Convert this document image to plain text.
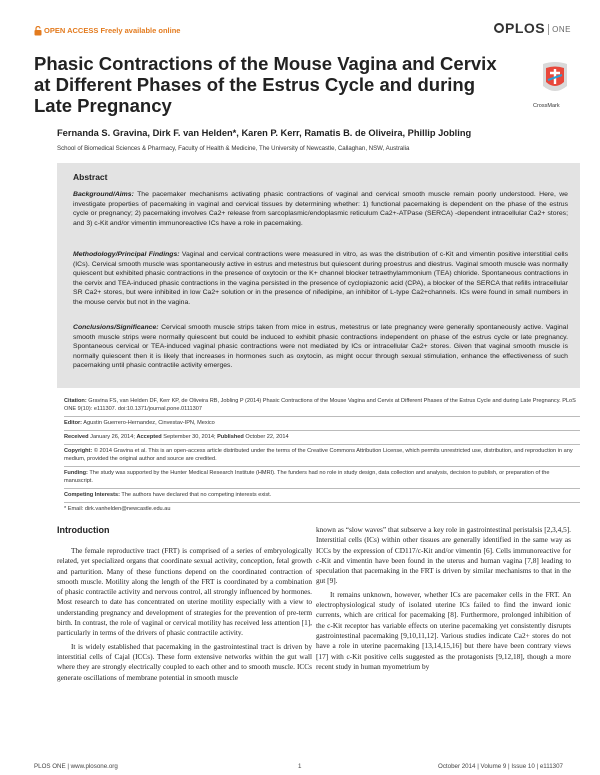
OPEN ACCESS Freely available online	PLOS ONE
Phasic Contractions of the Mouse Vagina and Cervix at Different Phases of the Estrus Cycle and during Late Pregnancy	CrossMark
Fernanda S. Gravina, Dirk F. van Helden*, Karen P. Kerr, Ramatis B. de Oliveira, Phillip Jobling
School of Biomedical Sciences & Pharmacy, Faculty of Health & Medicine, The University of Newcastle, Callaghan, NSW, Australia
Abstract
Background/Aims: The pacemaker mechanisms activating phasic contractions of vaginal and cervical smooth muscle remain poorly understood. Here, we investigate properties of pacemaking in vaginal and cervical tissues by determining whether: 1) functional pacemaking is dependent on the phase of the estrus cycle or pregnancy; 2) pacemaking involves Ca2+ release from sarcoplasmic/endoplasmic reticulum Ca2+-ATPase (SERCA) -dependent intracellular Ca2+ stores; and 3) c-Kit and/or vimentin immunoreactive ICs have a role in pacemaking.
Methodology/Principal Findings: Vaginal and cervical contractions were measured in vitro, as was the distribution of c-Kit and vimentin positive interstitial cells (ICs). Cervical smooth muscle was spontaneously active in estrus and metestrus but quiescent during proestrus and diestrus. Vaginal smooth muscle was normally quiescent but exhibited phasic contractions in the presence of oxytocin or the K+ channel blocker tetraethylammonium (TEA) chloride. Spontaneous contractions in the cervix and TEA-induced phasic contractions in the vagina persisted in the presence of cyclopiazonic acid (CPA), a blocker of the SERCA that refills intracellular SR Ca2+ stores, but were inhibited in low Ca2+ solution or in the presence of nifedipine, an inhibitor of L-type Ca2+channels. ICs were found in small numbers in the mouse cervix but not in the vagina.
Conclusions/Significance: Cervical smooth muscle strips taken from mice in estrus, metestrus or late pregnancy were generally spontaneously active. Vaginal smooth muscle strips were normally quiescent but could be induced to exhibit phasic contractions independent on phase of the estrus cycle or late pregnancy. Spontaneous cervical or TEA-induced vaginal phasic contractions were not mediated by ICs or intracellular Ca2+ stores. Given that vaginal smooth muscle is normally quiescent then it is likely that increases in hormones such as oxytocin, as might occur through sexual stimulation, enhance the effectiveness of such pacemaking until phasic contractile activity emerges.
Citation: Gravina FS, van Helden DF, Kerr KP, de Oliveira RB, Jobling P (2014) Phasic Contractions of the Mouse Vagina and Cervix at Different Phases of the Estrus Cycle and during Late Pregnancy. PLoS ONE 9(10): e111307. doi:10.1371/journal.pone.0111307
Editor: Agustin Guerrero-Hernandez, Cinvestav-IPN, Mexico
Received January 26, 2014; Accepted September 30, 2014; Published October 22, 2014
Copyright: © 2014 Gravina et al. This is an open-access article distributed under the terms of the Creative Commons Attribution License, which permits unrestricted use, distribution, and reproduction in any medium, provided the original author and source are credited.
Funding: The study was supported by the Hunter Medical Research Institute (HMRI). The funders had no role in study design, data collection and analysis, decision to publish, or preparation of the manuscript.
Competing Interests: The authors have declared that no competing interests exist.
* Email: dirk.vanhelden@newcastle.edu.au
Introduction

The female reproductive tract (FRT) is comprised of a series of embryologically related, yet specialized organs that coordinate sexual activity, conception, fetal growth and parturition. Many of these functions depend on the coordinated contraction of smooth muscle. Motility along the length of the FRT is coordinated by a combination of phasic contractile activity and nervous control, all strongly influenced by hormones. Most research to date has concentrated on uterine motility especially with a view to understanding pregnancy and development of strategies for the prevention of pre-term birth. In contrast, the role of vaginal or cervical motility has received less attention [1], particularly in terms of the drivers of phasic contractile activity.

It is widely established that pacemaking in the gastrointestinal tract is driven by interstitial cells of Cajal (ICCs). These form extensive networks within the gut wall where they are strongly electrically coupled to each other and to smooth muscle. ICCs generate oscillations of membrane potential in smooth muscle

known as “slow waves” that subserve a key role in gastrointestinal peristalsis [2,3,4,5]. Interstitial cells (ICs) within other tissues are generally identified in the same way as ICCs by the expression of CD117/c-Kit and/or vimentin [6]. Cells immunoreactive for c-Kit and vimentin have been found in the uterus and human vagina [7,8] leading to speculation that pacemaking in the FRT is driven by similar mechanisms to that in the gut [9].

It remains unknown, however, whether ICs are pacemaker cells in the FRT. An electrophysiological study of isolated uterine ICs failed to find the inward ionic currents, which are critical for pacemaking [8]. Furthermore, prolonged inhibition of the c-Kit receptor has variable effects on uterine pacemaking yet consistently disrupts gastrointestinal pacemaking [9,10,11,12]. Various studies indicate Ca2+ stores do not have a role in uterine pacemaking [13,14,15,16] but there have been contrary views [17] with c-Kit positive cells suggested as the protagonists [9,12,18], though a more recent study in human myometrium by

PLOS ONE | www.plosone.org	1	October 2014 | Volume 9 | Issue 10 | e111307
